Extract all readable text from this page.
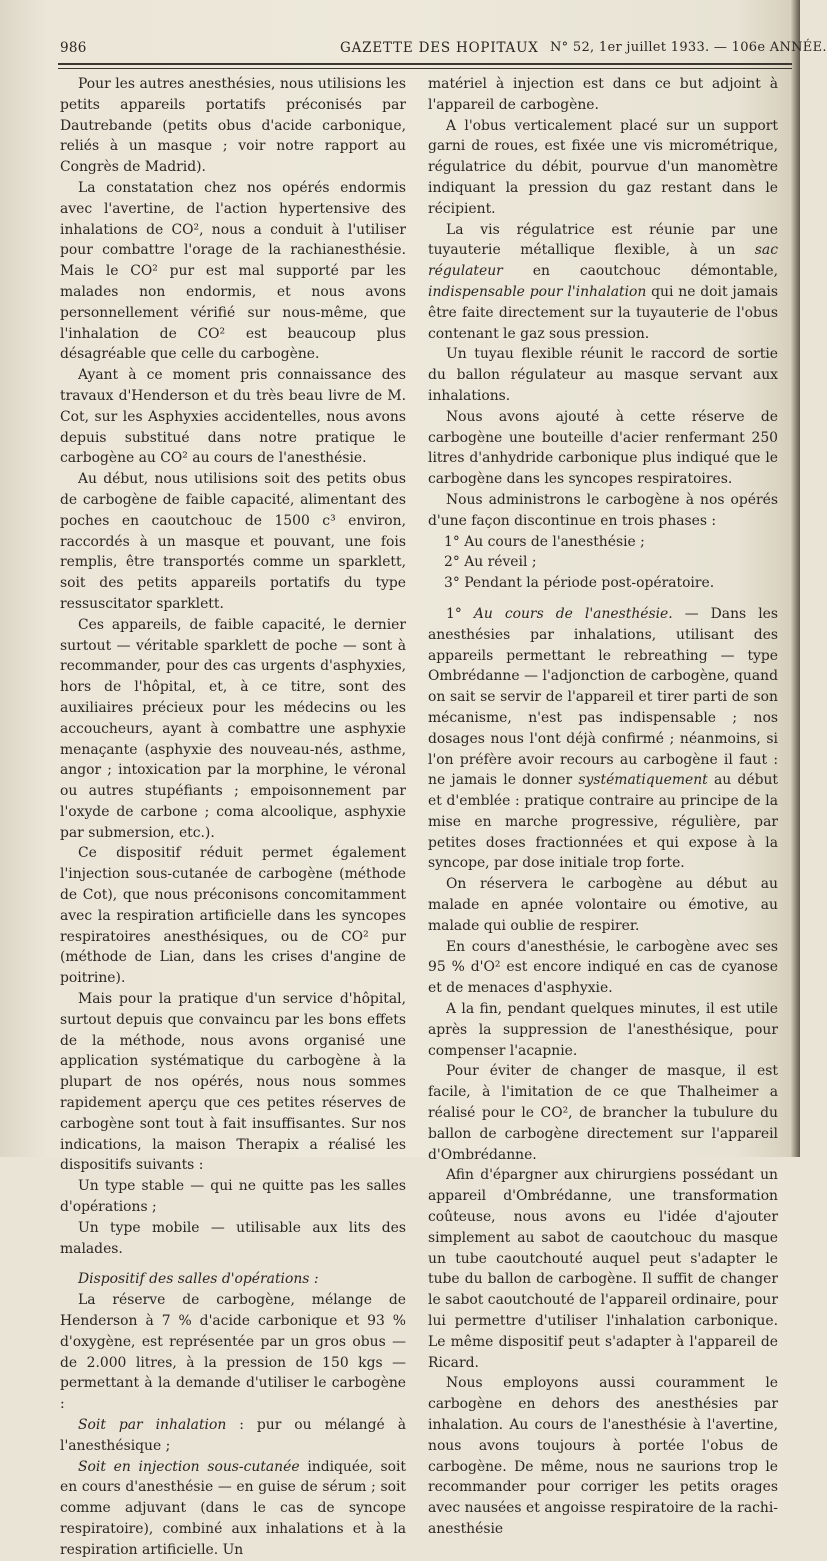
986	GAZETTE DES HOPITAUX N° 52, 1er juillet 1933. — 106e ANNÉE.

Pour les autres anesthésies, nous utilisions les petits appareils portatifs préconisés par Dautrebande (petits obus d'acide carbonique, reliés à un masque ; voir notre rapport au Congrès de Madrid).

La constatation chez nos opérés endormis avec l'avertine, de l'action hypertensive des inhalations de CO², nous a conduit à l'utiliser pour combattre l'orage de la rachianesthésie. Mais le CO² pur est mal supporté par les malades non endormis, et nous avons personnellement vérifié sur nous-même, que l'inhalation de CO² est beaucoup plus désagréable que celle du carbogène.

Ayant à ce moment pris connaissance des travaux d'Henderson et du très beau livre de M. Cot, sur les Asphyxies accidentelles, nous avons depuis substitué dans notre pratique le carbogène au CO² au cours de l'anesthésie.

Au début, nous utilisions soit des petits obus de carbogène de faible capacité, alimentant des poches en caoutchouc de 1500 c³ environ, raccordés à un masque et pouvant, une fois remplis, être transportés comme un sparklett, soit des petits appareils portatifs du type ressuscitator sparklett.

Ces appareils, de faible capacité, le dernier surtout — véritable sparklett de poche — sont à recommander, pour des cas urgents d'asphyxies, hors de l'hôpital, et, à ce titre, sont des auxiliaires précieux pour les médecins ou les accoucheurs, ayant à combattre une asphyxie menaçante (asphyxie des nouveau-nés, asthme, angor ; intoxication par la morphine, le véronal ou autres stupéfiants ; empoisonnement par l'oxyde de carbone ; coma alcoolique, asphyxie par submersion, etc.).

Ce dispositif réduit permet également l'injection sous-cutanée de carbogène (méthode de Cot), que nous préconisons concomitamment avec la respiration artificielle dans les syncopes respiratoires anesthésiques, ou de CO² pur (méthode de Lian, dans les crises d'angine de poitrine).

Mais pour la pratique d'un service d'hôpital, surtout depuis que convaincu par les bons effets de la méthode, nous avons organisé une application systématique du carbogène à la plupart de nos opérés, nous nous sommes rapidement aperçu que ces petites réserves de carbogène sont tout à fait insuffisantes. Sur nos indications, la maison Therapix a réalisé les dispositifs suivants :

Un type stable — qui ne quitte pas les salles d'opérations ;

Un type mobile — utilisable aux lits des malades.

Dispositif des salles d'opérations :

La réserve de carbogène, mélange de Henderson à 7 % d'acide carbonique et 93 % d'oxygène, est représentée par un gros obus — de 2.000 litres, à la pression de 150 kgs — permettant à la demande d'utiliser le carbogène :

Soit par inhalation : pur ou mélangé à l'anesthésique ;

Soit en injection sous-cutanée indiquée, soit en cours d'anesthésie — en guise de sérum ; soit comme adjuvant (dans le cas de syncope respiratoire), combiné aux inhalations et à la respiration artificielle. Un

matériel à injection est dans ce but adjoint à l'appareil de carbogène.

A l'obus verticalement placé sur un support garni de roues, est fixée une vis micrométrique, régulatrice du débit, pourvue d'un manomètre indiquant la pression du gaz restant dans le récipient.

La vis régulatrice est réunie par une tuyauterie métallique flexible, à un sac régulateur en caoutchouc démontable, indispensable pour l'inhalation qui ne doit jamais être faite directement sur la tuyauterie de l'obus contenant le gaz sous pression.

Un tuyau flexible réunit le raccord de sortie du ballon régulateur au masque servant aux inhalations.

Nous avons ajouté à cette réserve de carbogène une bouteille d'acier renfermant 250 litres d'anhydride carbonique plus indiqué que le carbogène dans les syncopes respiratoires.

Nous administrons le carbogène à nos opérés d'une façon discontinue en trois phases :

1° Au cours de l'anesthésie ;

2° Au réveil ;

3° Pendant la période post-opératoire.

1° Au cours de l'anesthésie. — Dans les anesthésies par inhalations, utilisant des appareils permettant le rebreathing — type Ombrédanne — l'adjonction de carbogène, quand on sait se servir de l'appareil et tirer parti de son mécanisme, n'est pas indispensable ; nos dosages nous l'ont déjà confirmé ; néanmoins, si l'on préfère avoir recours au carbogène il faut : ne jamais le donner systématiquement au début et d'emblée : pratique contraire au principe de la mise en marche progressive, régulière, par petites doses fractionnées et qui expose à la syncope, par dose initiale trop forte.

On réservera le carbogène au début au malade en apnée volontaire ou émotive, au malade qui oublie de respirer.

En cours d'anesthésie, le carbogène avec ses 95 % d'O² est encore indiqué en cas de cyanose et de menaces d'asphyxie.

A la fin, pendant quelques minutes, il est utile après la suppression de l'anesthésique, pour compenser l'acapnie.

Pour éviter de changer de masque, il est facile, à l'imitation de ce que Thalheimer a réalisé pour le CO², de brancher la tubulure du ballon de carbogène directement sur l'appareil d'Ombrédanne.

Afin d'épargner aux chirurgiens possédant un appareil d'Ombrédanne, une transformation coûteuse, nous avons eu l'idée d'ajouter simplement au sabot de caoutchouc du masque un tube caoutchouté auquel peut s'adapter le tube du ballon de carbogène. Il suffit de changer le sabot caoutchouté de l'appareil ordinaire, pour lui permettre d'utiliser l'inhalation carbonique. Le même dispositif peut s'adapter à l'appareil de Ricard.

Nous employons aussi couramment le carbogène en dehors des anesthésies par inhalation. Au cours de l'anesthésie à l'avertine, nous avons toujours à portée l'obus de carbogène. De même, nous ne saurions trop le recommander pour corriger les petits orages avec nausées et angoisse respiratoire de la rachi-anesthésie
